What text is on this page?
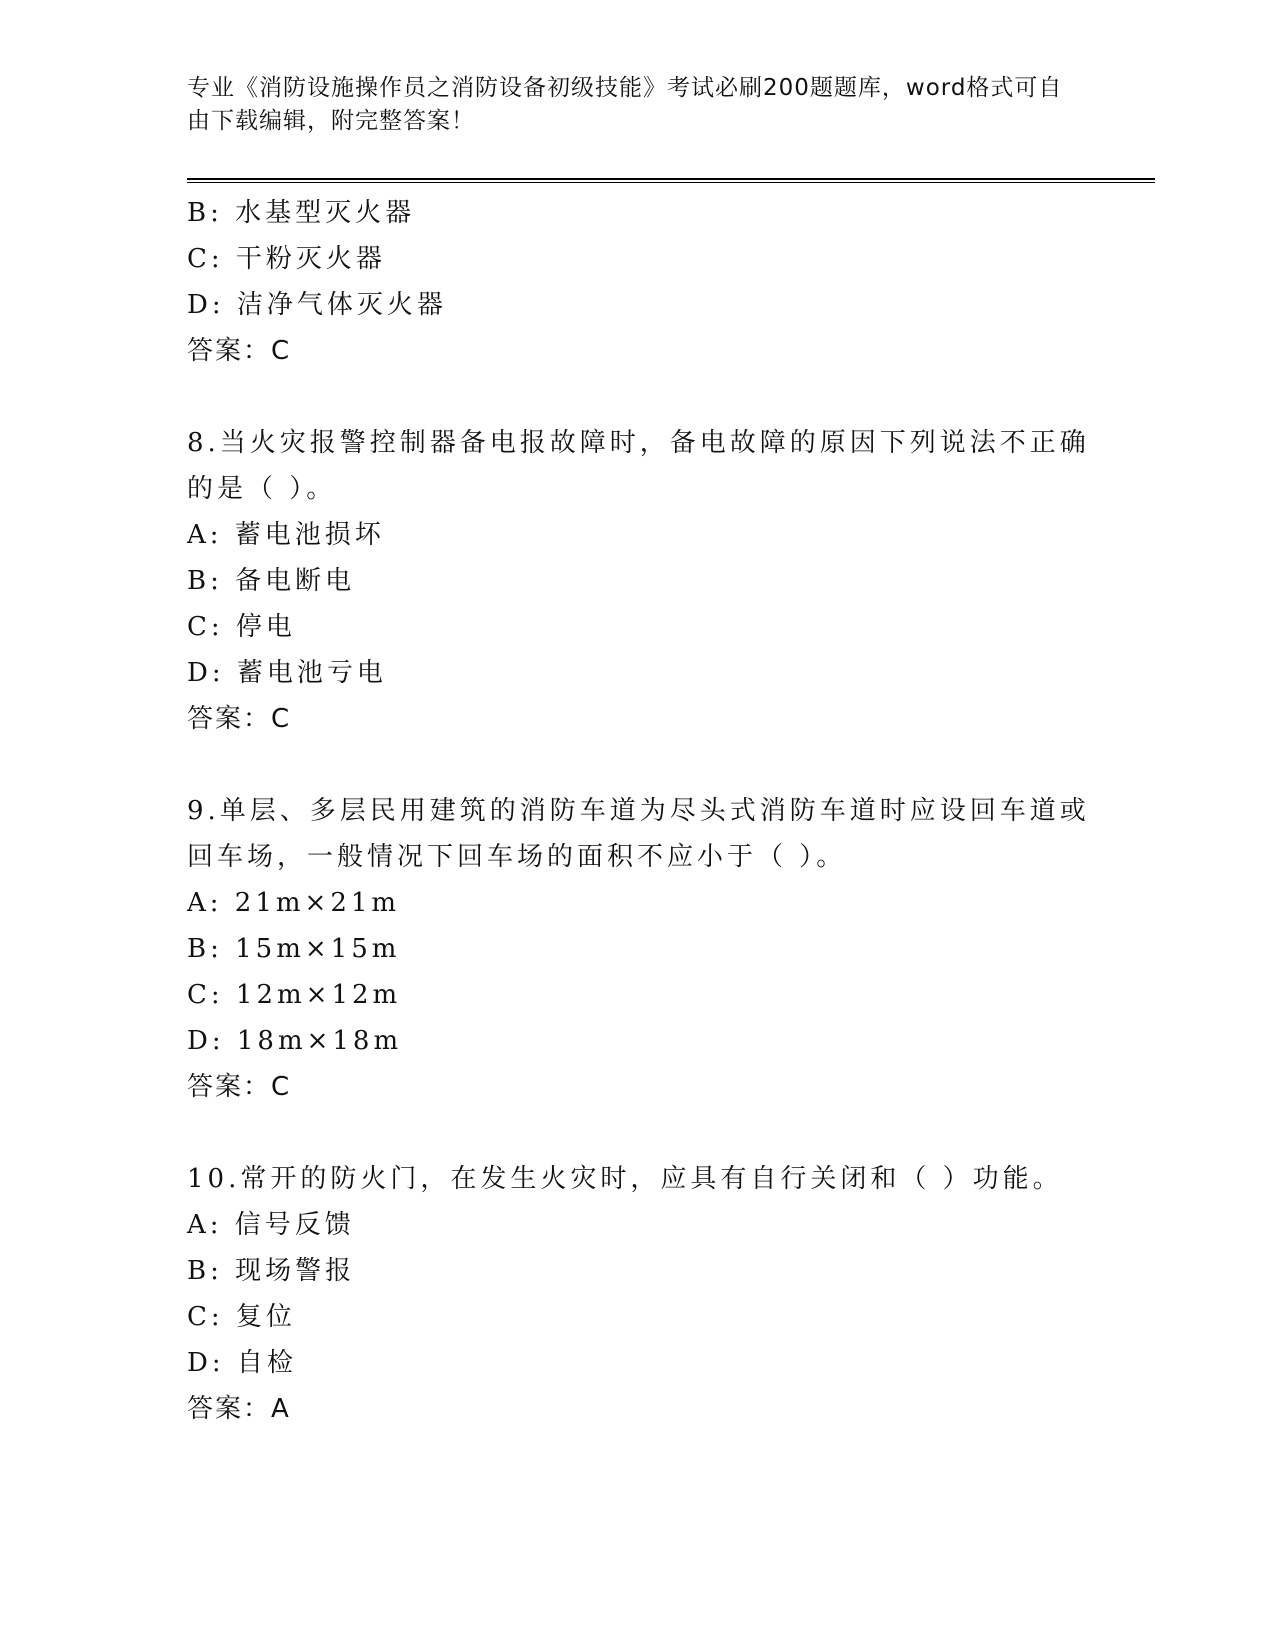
专业《消防设施操作员之消防设备初级技能》考试必刷200题题库，word格式可自由下载编辑，附完整答案！
B: 水基型灭火器
C: 干粉灭火器
D: 洁净气体灭火器
答案：C
8.当火灾报警控制器备电报故障时，备电故障的原因下列说法不正确
的是（ ）。
A: 蓄电池损坏
B: 备电断电
C: 停电
D: 蓄电池亏电
答案：C
9.单层、多层民用建筑的消防车道为尽头式消防车道时应设回车道或
回车场，一般情况下回车场的面积不应小于（ ）。
A: 21m×21m
B: 15m×15m
C: 12m×12m
D: 18m×18m
答案：C
10.常开的防火门，在发生火灾时，应具有自行关闭和（ ）功能。
A: 信号反馈
B: 现场警报
C: 复位
D: 自检
答案：A
